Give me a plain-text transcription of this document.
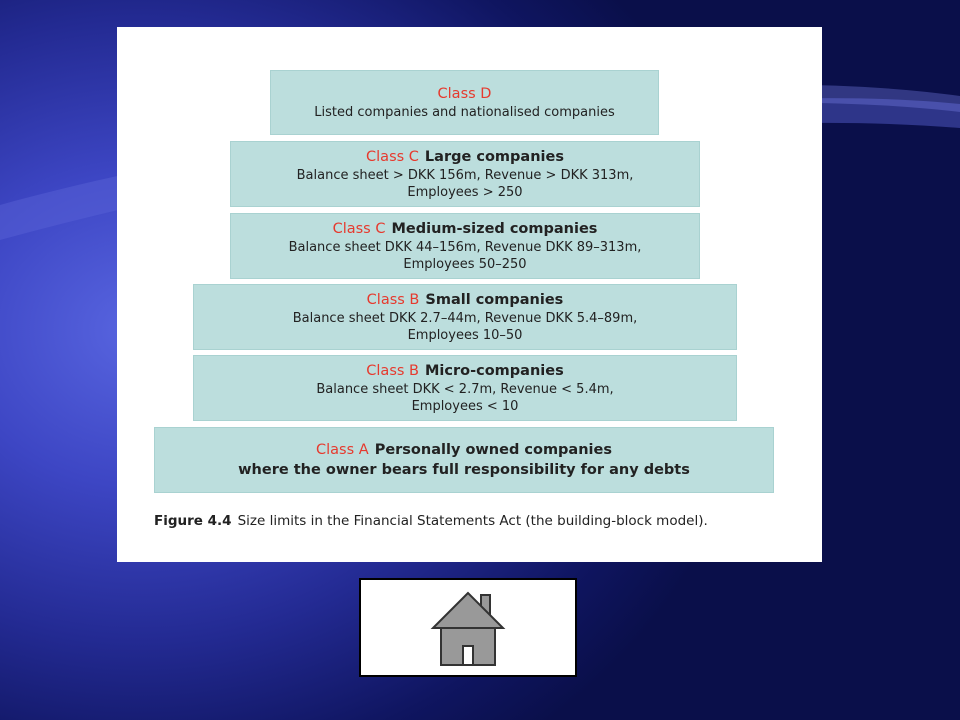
Class D
Listed companies and nationalised companies
Class C Large companies
Balance sheet > DKK 156m, Revenue > DKK 313m,
Employees > 250
Class C Medium-sized companies
Balance sheet DKK 44–156m, Revenue DKK 89–313m,
Employees 50–250
Class B Small companies
Balance sheet DKK 2.7–44m, Revenue DKK 5.4–89m,
Employees 10–50
Class B Micro-companies
Balance sheet DKK < 2.7m, Revenue < 5.4m,
Employees < 10
Class A Personally owned companies
where the owner bears full responsibility for any debts
Figure 4.4 Size limits in the Financial Statements Act (the building-block model).
